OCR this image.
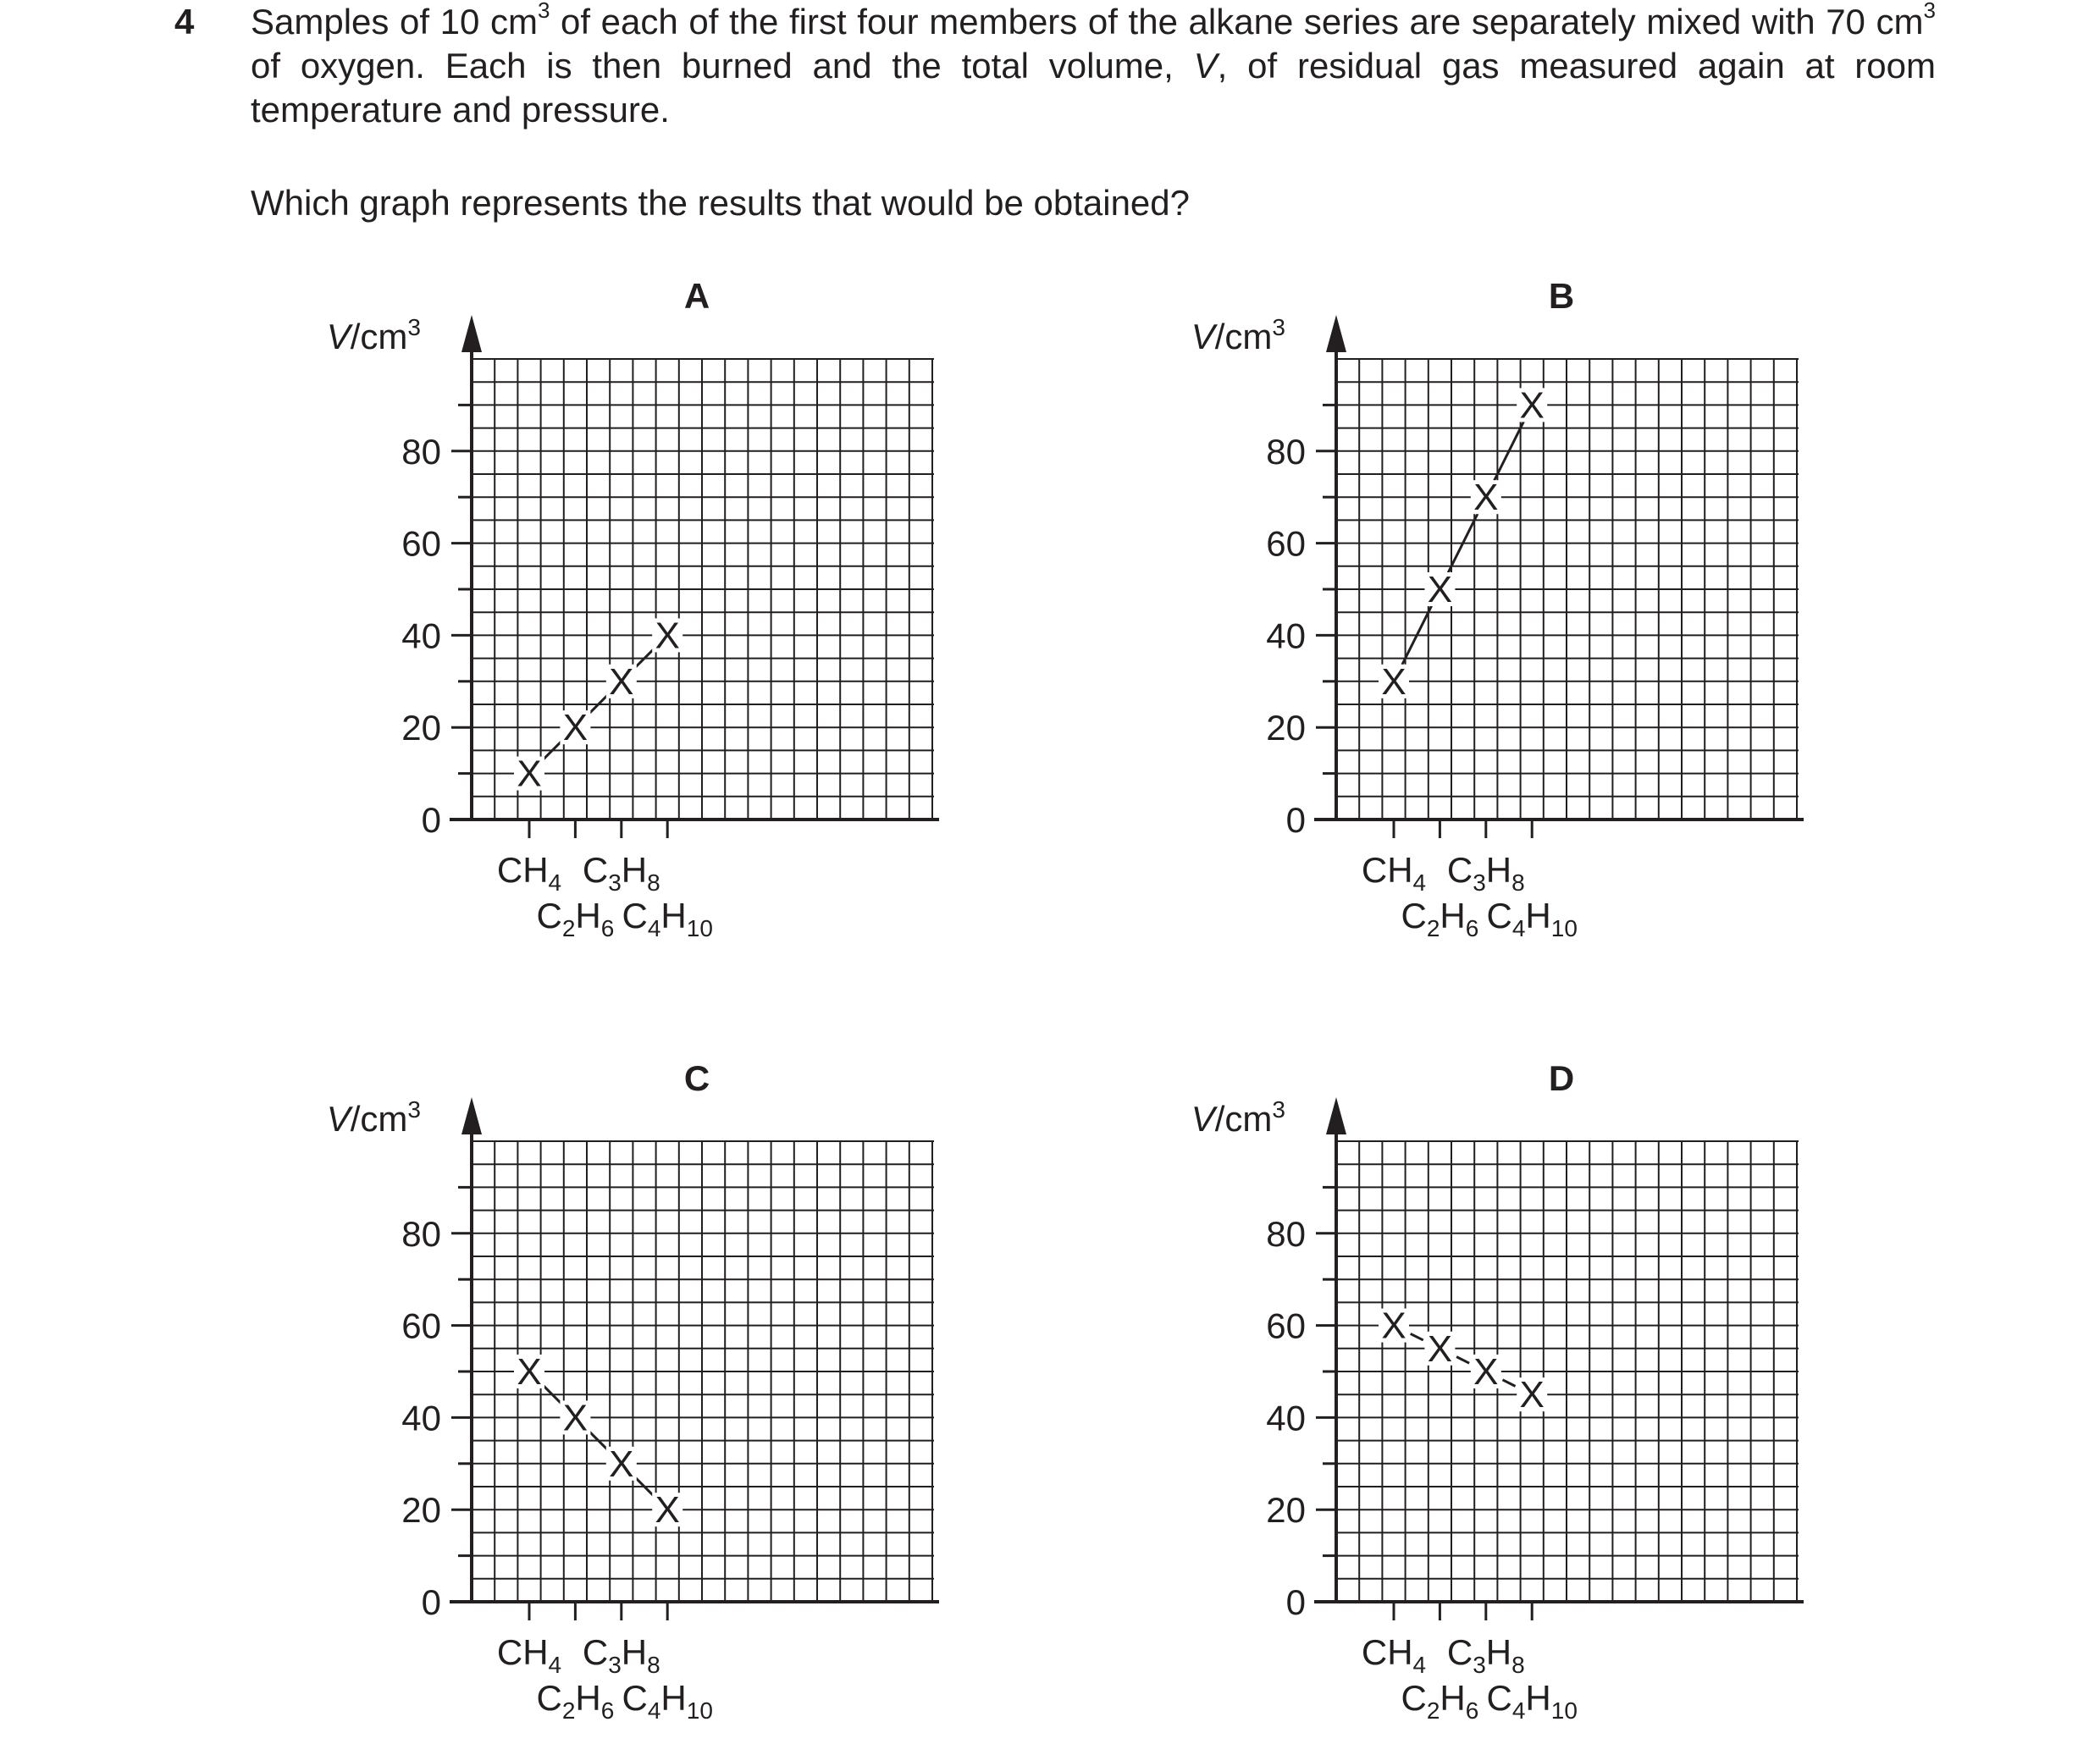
4 Samples of 10 $cm^3$ of each of the first four members of the alkane series are separately mixed with 70 $cm^3$ of oxygen. Each is then burned and the total volume, V, of residual gas measured again at room temperature and pressure.
Which graph represents the results that would be obtained?
A
$V/cm^3$
0
20
40
60
80
$CH_4$
$C_2H_6$
$C_3H_8$
$C_4H_{10}$
X
X
X
X
B
$V/cm^3$
0
20
40
60
80
$CH_4$
$C_2H_6$
$C_3H_8$
$C_4H_{10}$
X
X
X
X
C
$V/cm^3$
0
20
40
60
80
$CH_4$
$C_2H_6$
$C_3H_8$
$C_4H_{10}$
X
X
X
X
D
$V/cm^3$
0
20
40
60
80
$CH_4$
$C_2H_6$
$C_3H_8$
$C_4H_{10}$
X
X
X
X
